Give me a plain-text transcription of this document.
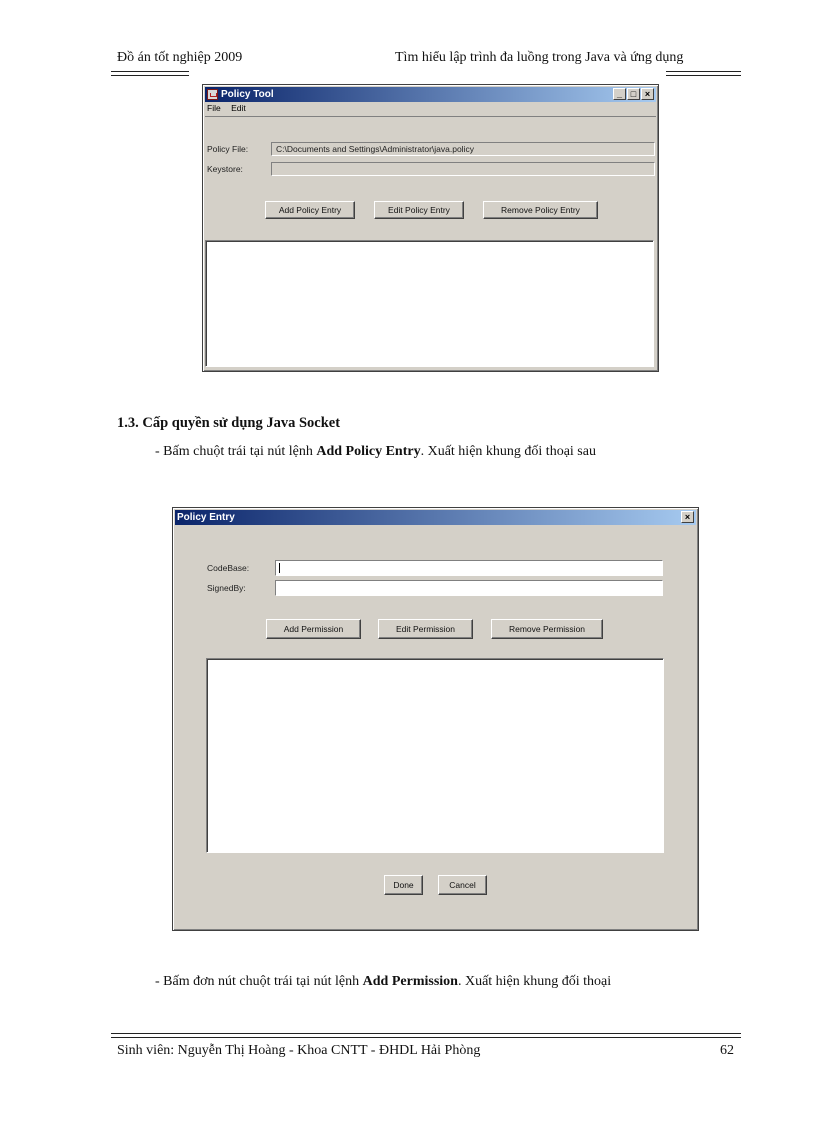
Đồ án tốt nghiệp 2009	Tìm hiểu lập trình đa luồng trong Java và ứng dụng
Policy Tool	_ □ ×
File Edit
Policy File:	C:\Documents and Settings\Administrator\java.policy
Keystore:
Add Policy Entry	Edit Policy Entry	Remove Policy Entry
1.3. Cấp quyền sử dụng Java Socket
- Bấm chuột trái tại nút lệnh Add Policy Entry. Xuất hiện khung đối thoại sau
Policy Entry	×
CodeBase:
SignedBy:
Add Permission	Edit Permission	Remove Permission
Done	Cancel
- Bấm đơn nút chuột trái tại nút lệnh Add Permission. Xuất hiện khung đối thoại
Sinh viên: Nguyễn Thị Hoàng - Khoa CNTT - ĐHDL Hải Phòng	62
